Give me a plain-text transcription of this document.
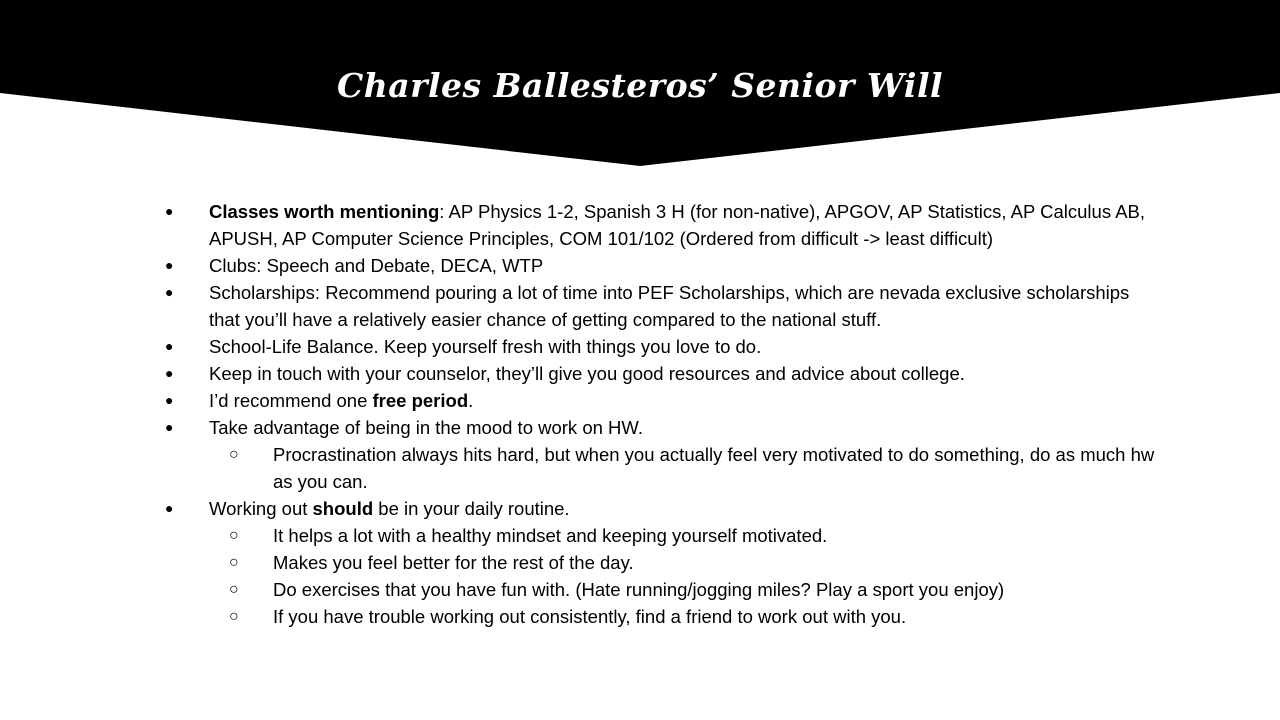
Charles Ballesteros’ Senior Will
●	Classes worth mentioning: AP Physics 1-2, Spanish 3 H (for non-native), APGOV, AP Statistics, AP Calculus AB, APUSH, AP Computer Science Principles, COM 101/102 (Ordered from difficult -> least difficult)
●	Clubs: Speech and Debate, DECA, WTP
●	Scholarships: Recommend pouring a lot of time into PEF Scholarships, which are nevada exclusive scholarships that you’ll have a relatively easier chance of getting compared to the national stuff.
●	School-Life Balance. Keep yourself fresh with things you love to do.
●	Keep in touch with your counselor, they’ll give you good resources and advice about college.
●	I’d recommend one free period.
●	Take advantage of being in the mood to work on HW.
○	Procrastination always hits hard, but when you actually feel very motivated to do something, do as much hw as you can.
●	Working out should be in your daily routine.
○	It helps a lot with a healthy mindset and keeping yourself motivated.
○	Makes you feel better for the rest of the day.
○	Do exercises that you have fun with. (Hate running/jogging miles? Play a sport you enjoy)
○	If you have trouble working out consistently, find a friend to work out with you.
